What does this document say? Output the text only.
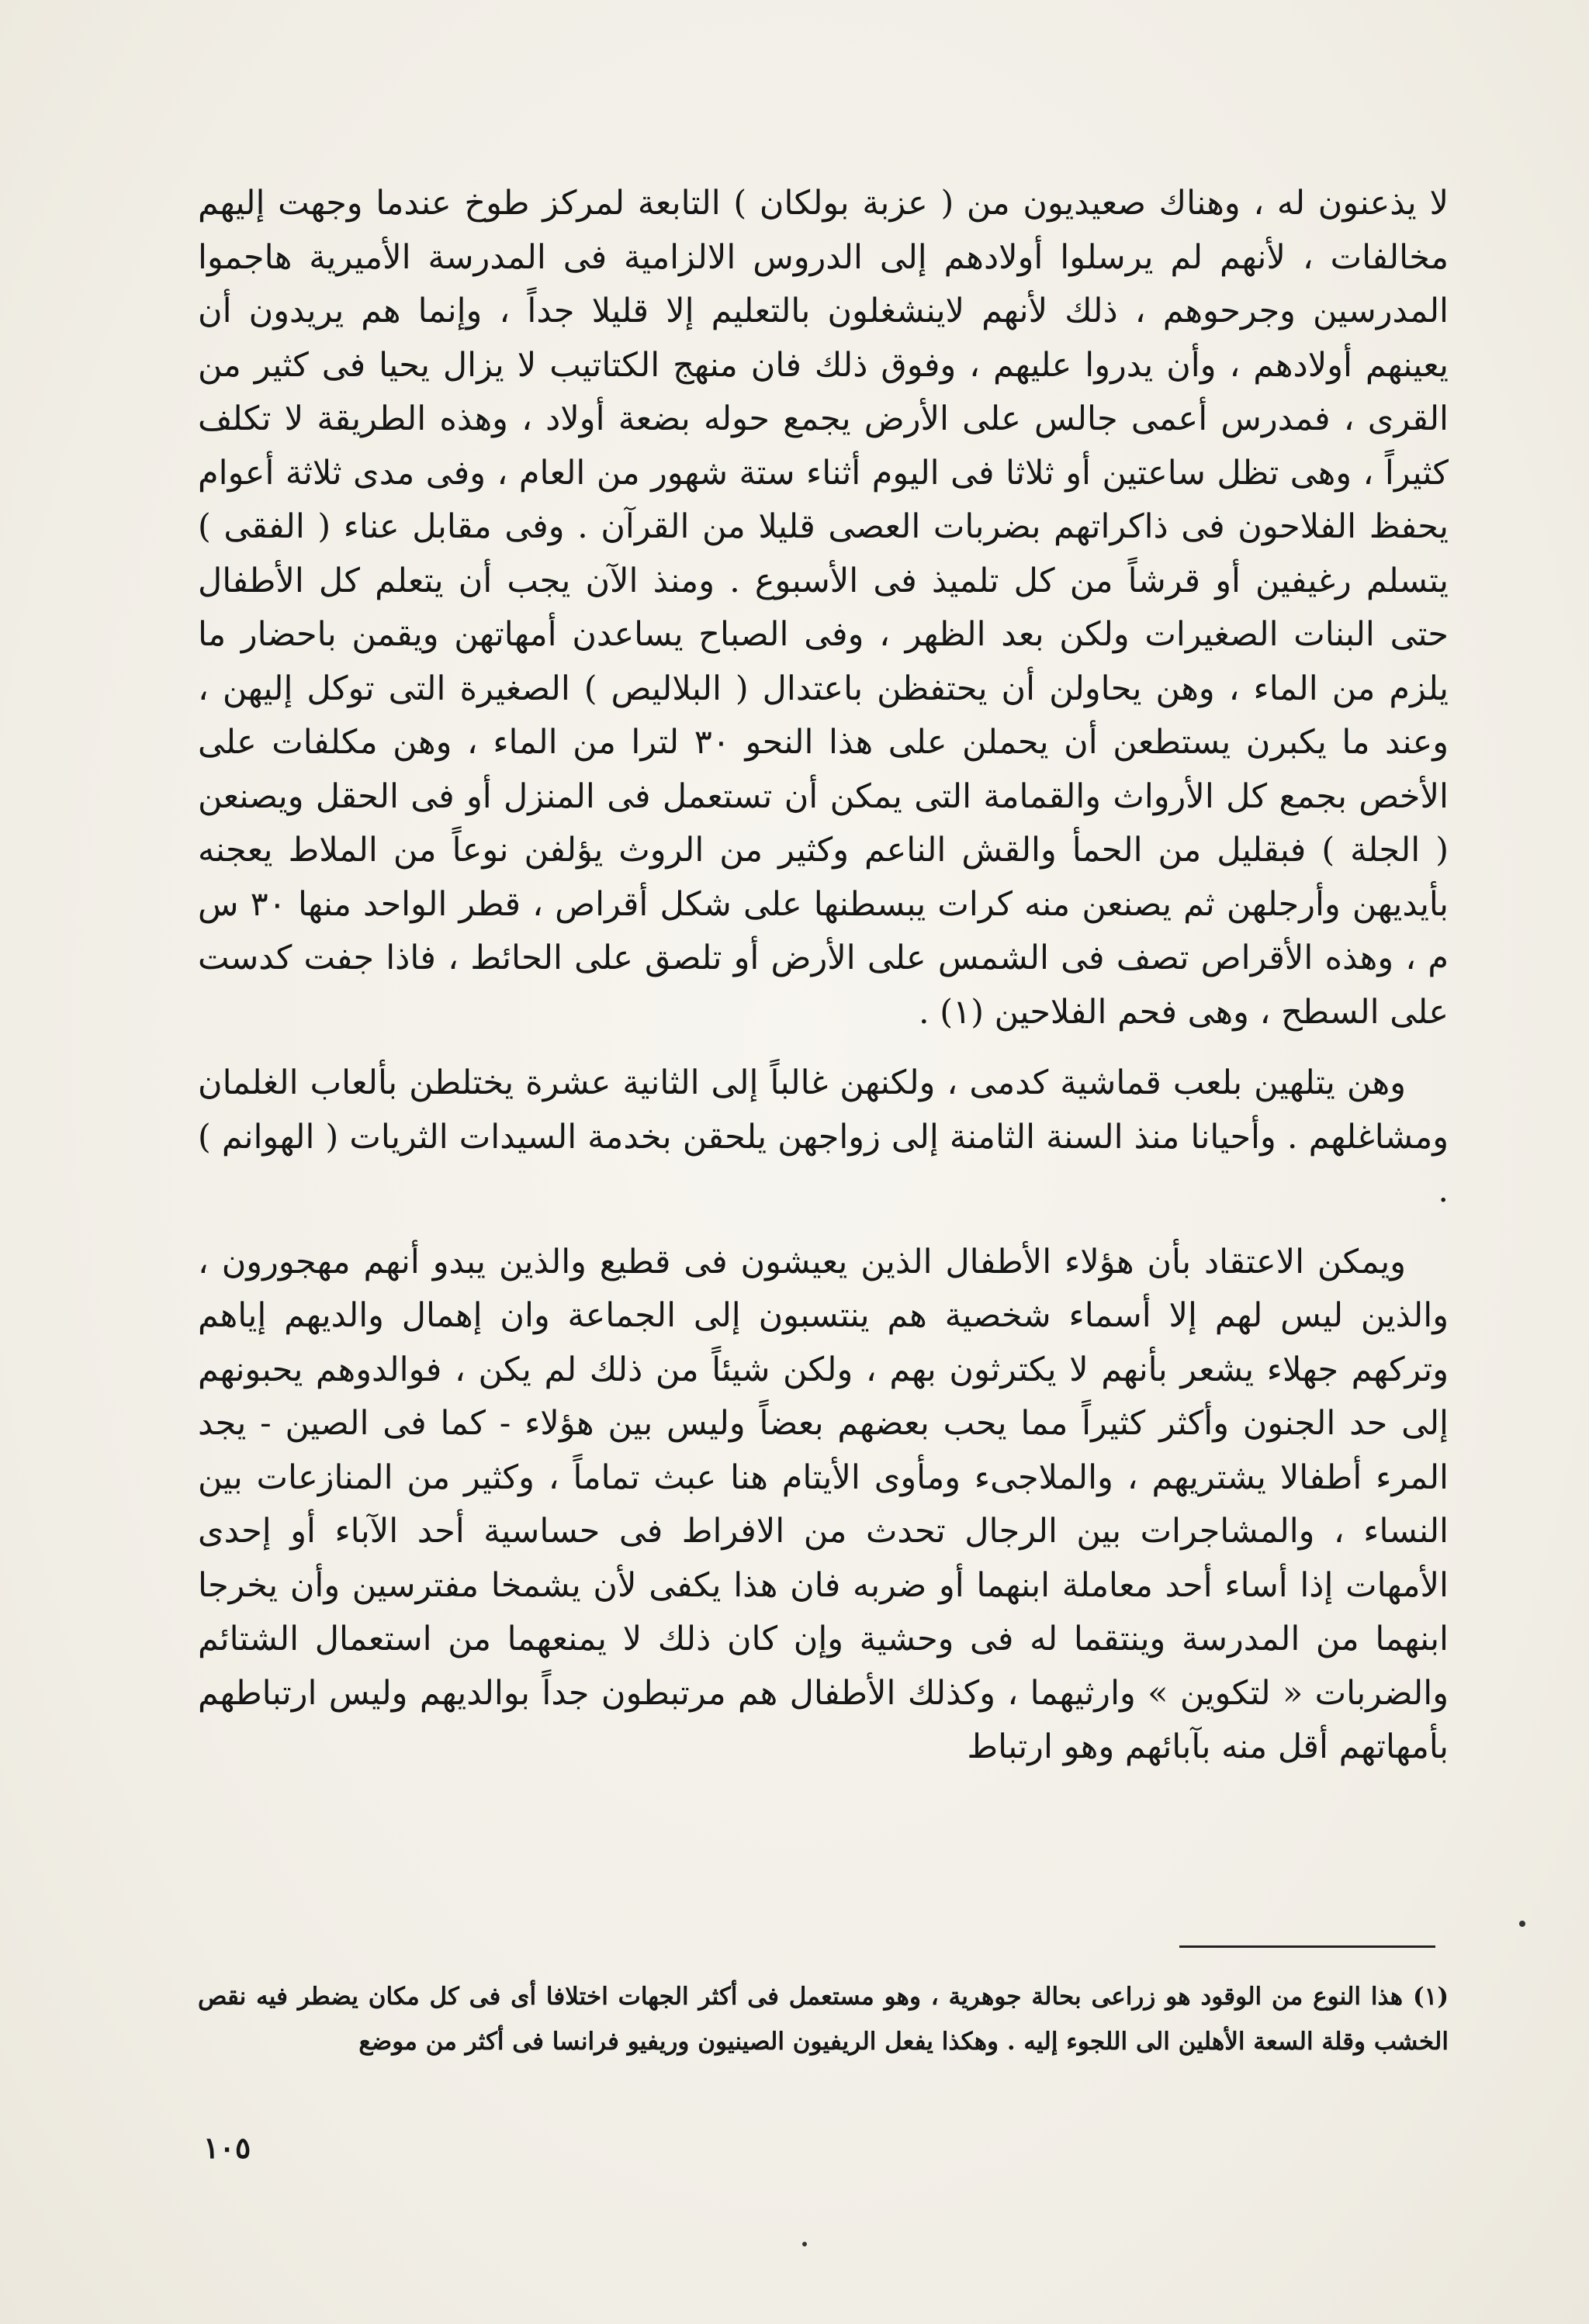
لا يذعنون له ، وهناك صعيديون من ( عزبة بولكان ) التابعة لمركز طوخ عندما وجهت إليهم مخالفات ، لأنهم لم يرسلوا أولادهم إلى الدروس الالزامية فى المدرسة الأميرية هاجموا المدرسين وجرحوهم ، ذلك لأنهم لاينشغلون بالتعليم إلا قليلا جداً ، وإنما هم يريدون أن يعينهم أولادهم ، وأن يدروا عليهم ، وفوق ذلك فان منهج الكتاتيب لا يزال يحيا فى كثير من القرى ، فمدرس أعمى جالس على الأرض يجمع حوله بضعة أولاد ، وهذه الطريقة لا تكلف كثيراً ، وهى تظل ساعتين أو ثلاثا فى اليوم أثناء ستة شهور من العام ، وفى مدى ثلاثة أعوام يحفظ الفلاحون فى ذاكراتهم بضربات العصى قليلا من القرآن . وفى مقابل عناء ( الفقى ) يتسلم رغيفين أو قرشاً من كل تلميذ فى الأسبوع . ومنذ الآن يجب أن يتعلم كل الأطفال حتى البنات الصغيرات ولكن بعد الظهر ، وفى الصباح يساعدن أمهاتهن ويقمن باحضار ما يلزم من الماء ، وهن يحاولن أن يحتفظن باعتدال ( البلاليص ) الصغيرة التى توكل إليهن ، وعند ما يكبرن يستطعن أن يحملن على هذا النحو ٣٠ لترا من الماء ، وهن مكلفات على الأخص بجمع كل الأرواث والقمامة التى يمكن أن تستعمل فى المنزل أو فى الحقل ويصنعن ( الجلة ) فبقليل من الحمأ والقش الناعم وكثير من الروث يؤلفن نوعاً من الملاط يعجنه بأيديهن وأرجلهن ثم يصنعن منه كرات يبسطنها على شكل أقراص ، قطر الواحد منها ٣٠ س م ، وهذه الأقراص تصف فى الشمس على الأرض أو تلصق على الحائط ، فاذا جفت كدست على السطح ، وهى فحم الفلاحين (١) .

وهن يتلهين بلعب قماشية كدمى ، ولكنهن غالباً إلى الثانية عشرة يختلطن بألعاب الغلمان ومشاغلهم . وأحيانا منذ السنة الثامنة إلى زواجهن يلحقن بخدمة السيدات الثريات ( الهوانم ) .

ويمكن الاعتقاد بأن هؤلاء الأطفال الذين يعيشون فى قطيع والذين يبدو أنهم مهجورون ، والذين ليس لهم إلا أسماء شخصية هم ينتسبون إلى الجماعة وان إهمال والديهم إياهم وتركهم جهلاء يشعر بأنهم لا يكترثون بهم ، ولكن شيئاً من ذلك لم يكن ، فوالدوهم يحبونهم إلى حد الجنون وأكثر كثيراً مما يحب بعضهم بعضاً وليس بين هؤلاء - كما فى الصين - يجد المرء أطفالا يشتريهم ، والملاجىء ومأوى الأيتام هنا عبث تماماً ، وكثير من المنازعات بين النساء ، والمشاجرات بين الرجال تحدث من الافراط فى حساسية أحد الآباء أو إحدى الأمهات إذا أساء أحد معاملة ابنهما أو ضربه فان هذا يكفى لأن يشمخا مفترسين وأن يخرجا ابنهما من المدرسة وينتقما له فى وحشية وإن كان ذلك لا يمنعهما من استعمال الشتائم والضربات « لتكوين » وارثيهما ، وكذلك الأطفال هم مرتبطون جداً بوالديهم وليس ارتباطهم بأمهاتهم أقل منه بآبائهم وهو ارتباط

(١) هذا النوع من الوقود هو زراعى بحالة جوهرية ، وهو مستعمل فى أكثر الجهات اختلافا أى فى كل مكان يضطر فيه نقص الخشب وقلة السعة الأهلين الى اللجوء إليه . وهكذا يفعل الريفيون الصينيون وريفيو فرانسا فى أكثر من موضع

١٠٥
